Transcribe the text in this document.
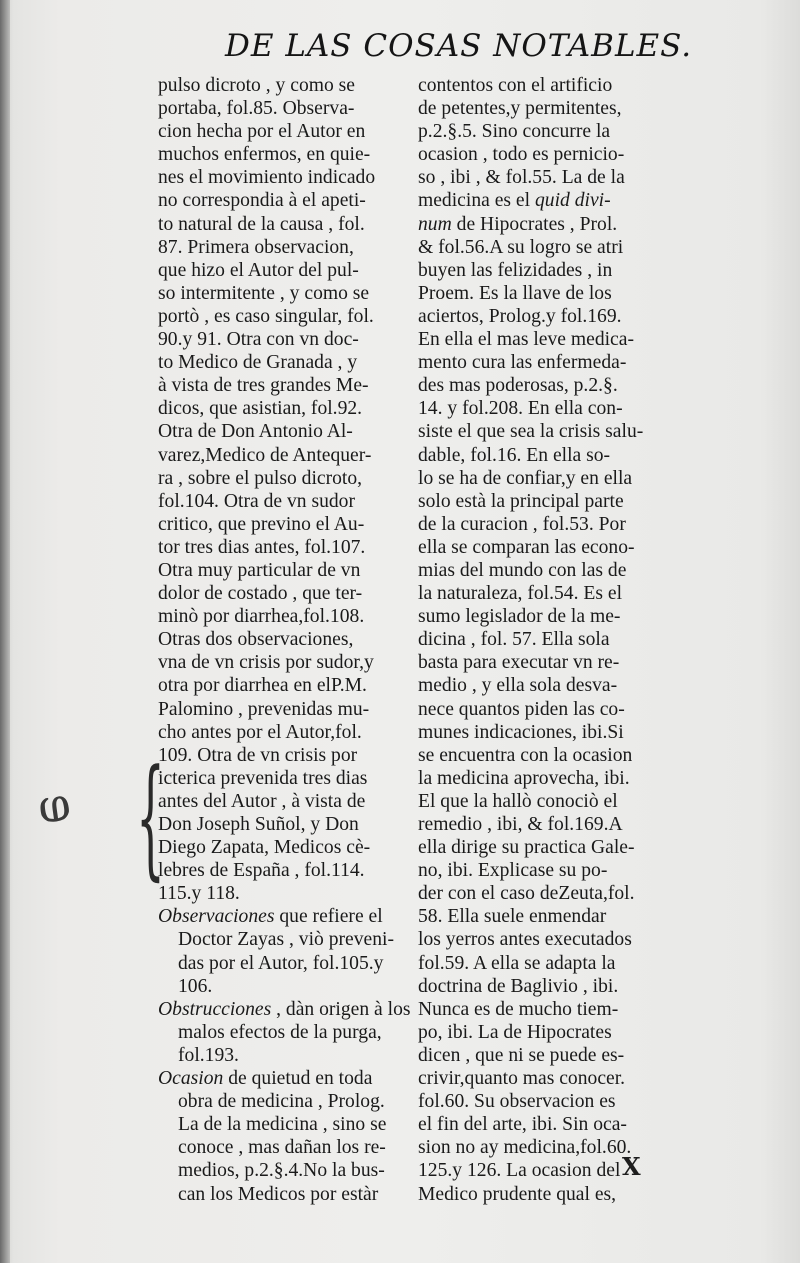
DE LAS COSAS NOTABLES.
pulso dicroto , y como se
portaba, fol.85. Observa-
cion hecha por el Autor en
muchos enfermos, en quie-
nes el movimiento indicado
no correspondia à el apeti-
to natural de la causa , fol.
87. Primera observacion,
que hizo el Autor del pul-
so intermitente , y como se
portò , es caso singular, fol.
90.y 91. Otra con vn doc-
to Medico de Granada , y
à vista de tres grandes Me-
dicos, que asistian, fol.92.
Otra de Don Antonio Al-
varez,Medico de Antequer-
ra , sobre el pulso dicroto,
fol.104. Otra de vn sudor
critico, que previno el Au-
tor tres dias antes, fol.107.
Otra muy particular de vn
dolor de costado , que ter-
minò por diarrhea,fol.108.
Otras dos observaciones,
vna de vn crisis por sudor,y
otra por diarrhea en elP.M.
Palomino , prevenidas mu-
cho antes por el Autor,fol.
109. Otra de vn crisis por
icterica prevenida tres dias
antes del Autor , à vista de
Don Joseph Suñol, y Don
Diego Zapata, Medicos cè-
lebres de España , fol.114.
115.y 118.
Observaciones que refiere el
Doctor Zayas , viò preveni-
das por el Autor, fol.105.y
106.
Obstrucciones , dàn origen à los
malos efectos de la purga,
fol.193.
Ocasion de quietud en toda
obra de medicina , Prolog.
La de la medicina , sino se
conoce , mas dañan los re-
medios, p.2.§.4.No la bus-
can los Medicos por estàr
contentos con el artificio
de petentes,y permitentes,
p.2.§.5. Sino concurre la
ocasion , todo es pernicio-
so , ibi , & fol.55. La de la
medicina es el quid divi-
num de Hipocrates , Prol.
& fol.56.A su logro se atri
buyen las felizidades , in
Proem. Es la llave de los
aciertos, Prolog.y fol.169.
En ella el mas leve medica-
mento cura las enfermeda-
des mas poderosas, p.2.§.
14. y fol.208. En ella con-
siste el que sea la crisis salu-
dable, fol.16. En ella so-
lo se ha de confiar,y en ella
solo està la principal parte
de la curacion , fol.53. Por
ella se comparan las econo-
mias del mundo con las de
la naturaleza, fol.54. Es el
sumo legislador de la me-
dicina , fol. 57. Ella sola
basta para executar vn re-
medio , y ella sola desva-
nece quantos piden las co-
munes indicaciones, ibi.Si
se encuentra con la ocasion
la medicina aprovecha, ibi.
El que la hallò conociò el
remedio , ibi, & fol.169.A
ella dirige su practica Gale-
no, ibi. Explicase su po-
der con el caso deZeuta,fol.
58. Ella suele enmendar
los yerros antes executados
fol.59. A ella se adapta la
doctrina de Baglivio , ibi.
Nunca es de mucho tiem-
po, ibi. La de Hipocrates
dicen , que ni se puede es-
crivir,quanto mas conocer.
fol.60. Su observacion es
el fin del arte, ibi. Sin oca-
sion no ay medicina,fol.60.
125.y 126. La ocasion del
Medico prudente qual es,
{
ⱷ
X
